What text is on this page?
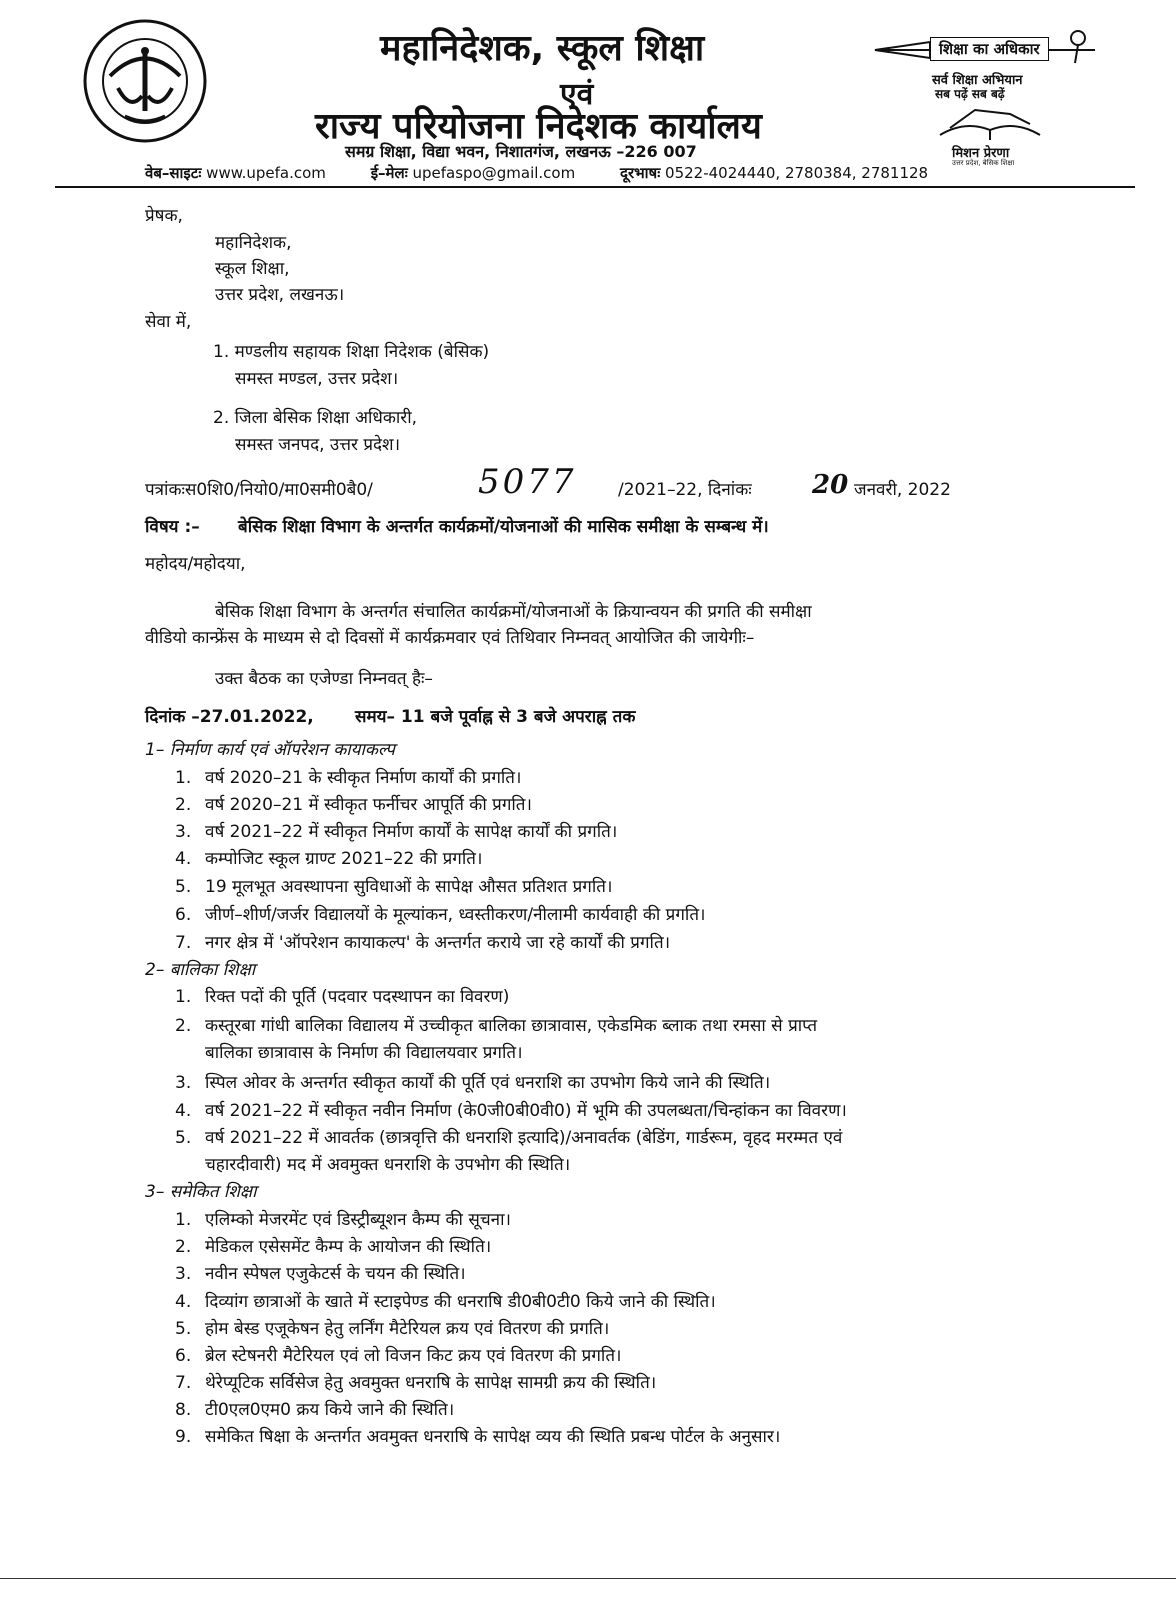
महानिदेशक, स्कूल शिक्षा
एवं
राज्य परियोजना निदेशक कार्यालय
समग्र शिक्षा, विद्या भवन, निशातगंज, लखनऊ –226 007
वेब–साइटः www.upefa.com	ई–मेलः upefaspo@gmail.com	दूरभाषः 0522-4024440, 2780384, 2781128
शिक्षा का अधिकार
सर्व शिक्षा अभियान
सब पढ़ें सब बढ़ें
मिशन प्रेरणा
उत्तर प्रदेश, बेसिक शिक्षा
प्रेषक,
महानिदेशक,
स्कूल शिक्षा,
उत्तर प्रदेश, लखनऊ।
सेवा में,
1. मण्डलीय सहायक शिक्षा निदेशक (बेसिक)
समस्त मण्डल, उत्तर प्रदेश।
2. जिला बेसिक शिक्षा अधिकारी,
समस्त जनपद, उत्तर प्रदेश।
पत्रांकःस0शि0/नियो0/मा0समी0बै0/	5077 /2021–22, दिनांकः 20 जनवरी, 2022
विषय :– बेसिक शिक्षा विभाग के अन्तर्गत कार्यक्रमों/योजनाओं की मासिक समीक्षा के सम्बन्ध में।
महोदय/महोदया,
बेसिक शिक्षा विभाग के अन्तर्गत संचालित कार्यक्रमों/योजनाओं के क्रियान्वयन की प्रगति की समीक्षा
वीडियो कान्फ्रेंस के माध्यम से दो दिवसों में कार्यक्रमवार एवं तिथिवार निम्नवत् आयोजित की जायेगीः–
उक्त बैठक का एजेण्डा निम्नवत् हैः–
दिनांक –27.01.2022, समय– 11 बजे पूर्वाह्न से 3 बजे अपराह्न तक
1– निर्माण कार्य एवं ऑपरेशन कायाकल्प
1. वर्ष 2020–21 के स्वीकृत निर्माण कार्यों की प्रगति।
2. वर्ष 2020–21 में स्वीकृत फर्नीचर आपूर्ति की प्रगति।
3. वर्ष 2021–22 में स्वीकृत निर्माण कार्यों के सापेक्ष कार्यों की प्रगति।
4. कम्पोजिट स्कूल ग्राण्ट 2021–22 की प्रगति।
5. 19 मूलभूत अवस्थापना सुविधाओं के सापेक्ष औसत प्रतिशत प्रगति।
6. जीर्ण–शीर्ण/जर्जर विद्यालयों के मूल्यांकन, ध्वस्तीकरण/नीलामी कार्यवाही की प्रगति।
7. नगर क्षेत्र में 'ऑपरेशन कायाकल्प' के अन्तर्गत कराये जा रहे कार्यों की प्रगति।
2– बालिका शिक्षा
1. रिक्त पदों की पूर्ति (पदवार पदस्थापन का विवरण)
2. कस्तूरबा गांधी बालिका विद्यालय में उच्चीकृत बालिका छात्रावास, एकेडमिक ब्लाक तथा रमसा से प्राप्त
बालिका छात्रावास के निर्माण की विद्यालयवार प्रगति।
3. स्पिल ओवर के अन्तर्गत स्वीकृत कार्यों की पूर्ति एवं धनराशि का उपभोग किये जाने की स्थिति।
4. वर्ष 2021–22 में स्वीकृत नवीन निर्माण (के0जी0बी0वी0) में भूमि की उपलब्धता/चिन्हांकन का विवरण।
5. वर्ष 2021–22 में आवर्तक (छात्रवृत्ति की धनराशि इत्यादि)/अनावर्तक (बेडिंग, गार्डरूम, वृहद मरम्मत एवं
चहारदीवारी) मद में अवमुक्त धनराशि के उपभोग की स्थिति।
3– समेकित शिक्षा
1. एलिम्को मेजरमेंट एवं डिस्ट्रीब्यूशन कैम्प की सूचना।
2. मेडिकल एसेसमेंट कैम्प के आयोजन की स्थिति।
3. नवीन स्पेषल एजुकेटर्स के चयन की स्थिति।
4. दिव्यांग छात्राओं के खाते में स्टाइपेण्ड की धनराषि डी0बी0टी0 किये जाने की स्थिति।
5. होम बेस्ड एजूकेषन हेतु लर्निंग मैटेरियल क्रय एवं वितरण की प्रगति।
6. ब्रेल स्टेषनरी मैटेरियल एवं लो विजन किट क्रय एवं वितरण की प्रगति।
7. थेरेप्यूटिक सर्विसेज हेतु अवमुक्त धनराषि के सापेक्ष सामग्री क्रय की स्थिति।
8. टी0एल0एम0 क्रय किये जाने की स्थिति।
9. समेकित षिक्षा के अन्तर्गत अवमुक्त धनराषि के सापेक्ष व्यय की स्थिति प्रबन्ध पोर्टल के अनुसार।
